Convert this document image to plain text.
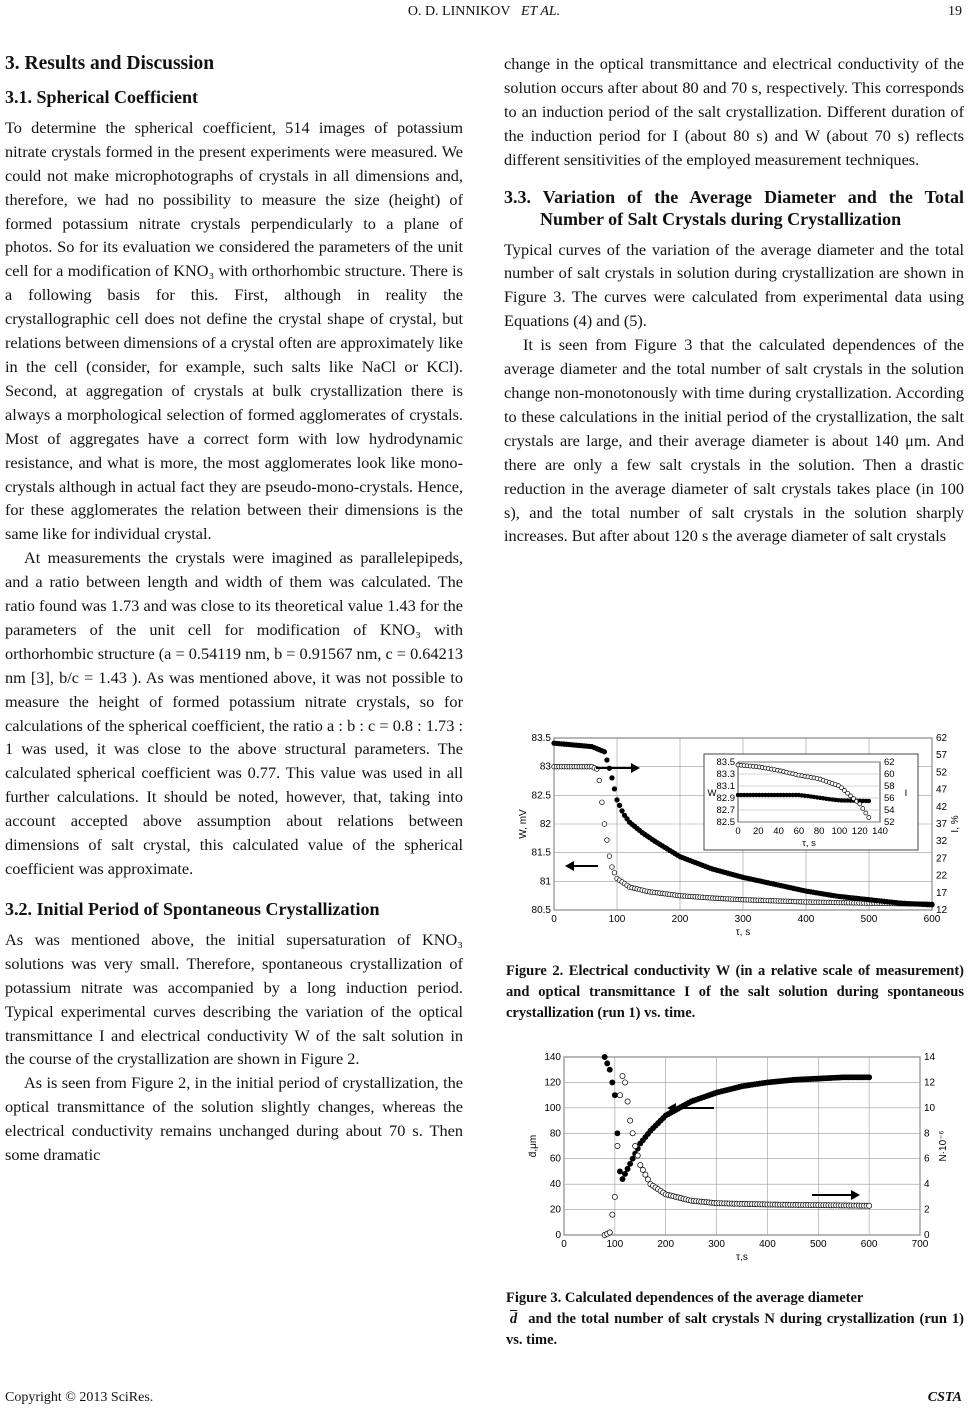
O. D. LINNIKOV ET AL.	19
3. Results and Discussion
3.1. Spherical Coefficient

To determine the spherical coefficient, 514 images of potassium nitrate crystals formed in the present experiments were measured. We could not make microphotographs of crystals in all dimensions and, therefore, we had no possibility to measure the size (height) of formed potassium nitrate crystals perpendicularly to a plane of photos. So for its evaluation we considered the parameters of the unit cell for a modification of KNO₃ with orthorhombic structure. There is a following basis for this. First, although in reality the crystallographic cell does not define the crystal shape of crystal, but relations between dimensions of a crystal often are approximately like in the cell (consider, for example, such salts like NaCl or KCl). Second, at aggregation of crystals at bulk crystallization there is always a morphological selection of formed agglomerates of crystals. Most of aggregates have a correct form with low hydrodynamic resistance, and what is more, the most agglomerates look like mono-crystals although in actual fact they are pseudo-mono-crystals. Hence, for these agglomerates the relation between their dimensions is the same like for individual crystal.

At measurements the crystals were imagined as parallelepipeds, and a ratio between length and width of them was calculated. The ratio found was 1.73 and was close to its theoretical value 1.43 for the parameters of the unit cell for modification of KNO₃ with orthorhombic structure (a = 0.54119 nm, b = 0.91567 nm, c = 0.64213 nm [3], b/c = 1.43 ). As was mentioned above, it was not possible to measure the height of formed potassium nitrate crystals, so for calculations of the spherical coefficient, the ratio a : b : c = 0.8 : 1.73 : 1 was used, it was close to the above structural parameters. The calculated spherical coefficient was 0.77. This value was used in all further calculations. It should be noted, however, that, taking into account accepted above assumption about relations between dimensions of salt crystal, this calculated value of the spherical coefficient was approximate.

3.2. Initial Period of Spontaneous Crystallization

As was mentioned above, the initial supersaturation of KNO₃ solutions was very small. Therefore, spontaneous crystallization of potassium nitrate was accompanied by a long induction period. Typical experimental curves describing the variation of the optical transmittance I and electrical conductivity W of the salt solution in the course of the crystallization are shown in Figure 2.

As is seen from Figure 2, in the initial period of crystallization, the optical transmittance of the solution slightly changes, whereas the electrical conductivity remains unchanged during about 70 s. Then some dramatic

change in the optical transmittance and electrical conductivity of the solution occurs after about 80 and 70 s, respectively. This corresponds to an induction period of the salt crystallization. Different duration of the induction period for I (about 80 s) and W (about 70 s) reflects different sensitivities of the employed measurement techniques.

3.3. Variation of the Average Diameter and the Total Number of Salt Crystals during Crystallization

Typical curves of the variation of the average diameter and the total number of salt crystals in solution during crystallization are shown in Figure 3. The curves were calculated from experimental data using Equations (4) and (5).

It is seen from Figure 3 that the calculated dependences of the average diameter and the total number of salt crystals in the solution change non-monotonously with time during crystallization. According to these calculations in the initial period of the crystallization, the salt crystals are large, and their average diameter is about 140 μm. And there are only a few salt crystals in the solution. Then a drastic reduction in the average diameter of salt crystals takes place (in 100 s), and the total number of salt crystals in the solution sharply increases. But after about 120 s the average diameter of salt crystals

0	100	200	300	400	500	600
83.5
83
82.5
82
81.5
81
80.5
62
57
52
47
42
37
32
27
22
17
12
τ, s
W, mV	I, %
83.5
83.3
83.1
82.9
82.7
82.5
62
60
58
56
54
52
0 20 40 60 80 100 120 140
τ, s
W	I
Figure 2. Electrical conductivity W (in a relative scale of measurement) and optical transmittance I of the salt solution during spontaneous crystallization (run 1) vs. time.
0	100	200	300	400	500	600	700
140
120
100
80
60
40
20
0
14
12
10
8
6
4
2
0
τ,s
d̄,μm	N·10⁻⁶
Figure 3. Calculated dependences of the average diameter
$\overline{d}$ and the total number of salt crystals N during crystallization (run 1) vs. time.
Copyright © 2013 SciRes.	CSTA
